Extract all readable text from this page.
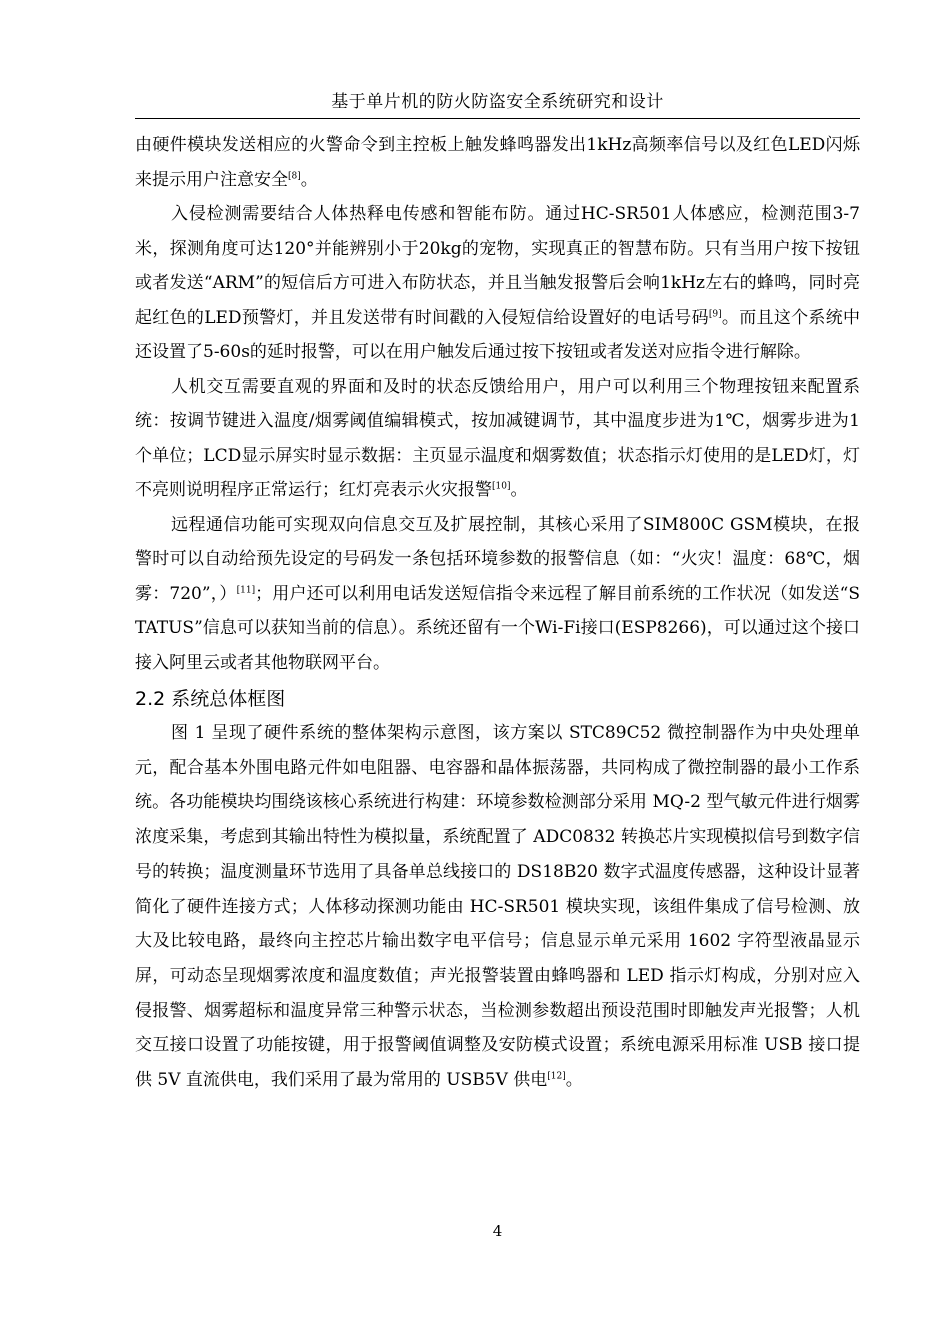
基于单片机的防火防盗安全系统研究和设计

由硬件模块发送相应的火警命令到主控板上触发蜂鸣器发出1kHz高频率信号以及红色LED闪烁来提示用户注意安全[8]。

入侵检测需要结合人体热释电传感和智能布防。通过HC-SR501人体感应，检测范围3-7米，探测角度可达120°并能辨别小于20kg的宠物，实现真正的智慧布防。只有当用户按下按钮或者发送“ARM”的短信后方可进入布防状态，并且当触发报警后会响1kHz左右的蜂鸣，同时亮起红色的LED预警灯，并且发送带有时间戳的入侵短信给设置好的电话号码[9]。而且这个系统中还设置了5-60s的延时报警，可以在用户触发后通过按下按钮或者发送对应指令进行解除。

人机交互需要直观的界面和及时的状态反馈给用户，用户可以利用三个物理按钮来配置系统：按调节键进入温度/烟雾阈值编辑模式，按加减键调节，其中温度步进为1℃，烟雾步进为1个单位；LCD显示屏实时显示数据：主页显示温度和烟雾数值；状态指示灯使用的是LED灯，灯不亮则说明程序正常运行；红灯亮表示火灾报警[10]。

远程通信功能可实现双向信息交互及扩展控制，其核心采用了SIM800C GSM模块，在报警时可以自动给预先设定的号码发一条包括环境参数的报警信息（如：“火灾！温度：68℃，烟雾：720”，）[11]；用户还可以利用电话发送短信指令来远程了解目前系统的工作状况（如发送“STATUS”信息可以获知当前的信息）。系统还留有一个Wi-Fi接口(ESP8266)，可以通过这个接口接入阿里云或者其他物联网平台。

2.2 系统总体框图

图 1 呈现了硬件系统的整体架构示意图，该方案以 STC89C52 微控制器作为中央处理单元，配合基本外围电路元件如电阻器、电容器和晶体振荡器，共同构成了微控制器的最小工作系统。各功能模块均围绕该核心系统进行构建：环境参数检测部分采用 MQ-2 型气敏元件进行烟雾浓度采集，考虑到其输出特性为模拟量，系统配置了 ADC0832 转换芯片实现模拟信号到数字信号的转换；温度测量环节选用了具备单总线接口的 DS18B20 数字式温度传感器，这种设计显著简化了硬件连接方式；人体移动探测功能由 HC-SR501 模块实现，该组件集成了信号检测、放大及比较电路，最终向主控芯片输出数字电平信号；信息显示单元采用 1602 字符型液晶显示屏，可动态呈现烟雾浓度和温度数值；声光报警装置由蜂鸣器和 LED 指示灯构成，分别对应入侵报警、烟雾超标和温度异常三种警示状态，当检测参数超出预设范围时即触发声光报警；人机交互接口设置了功能按键，用于报警阈值调整及安防模式设置；系统电源采用标准 USB 接口提供 5V 直流供电，我们采用了最为常用的 USB5V 供电[12]。

4
